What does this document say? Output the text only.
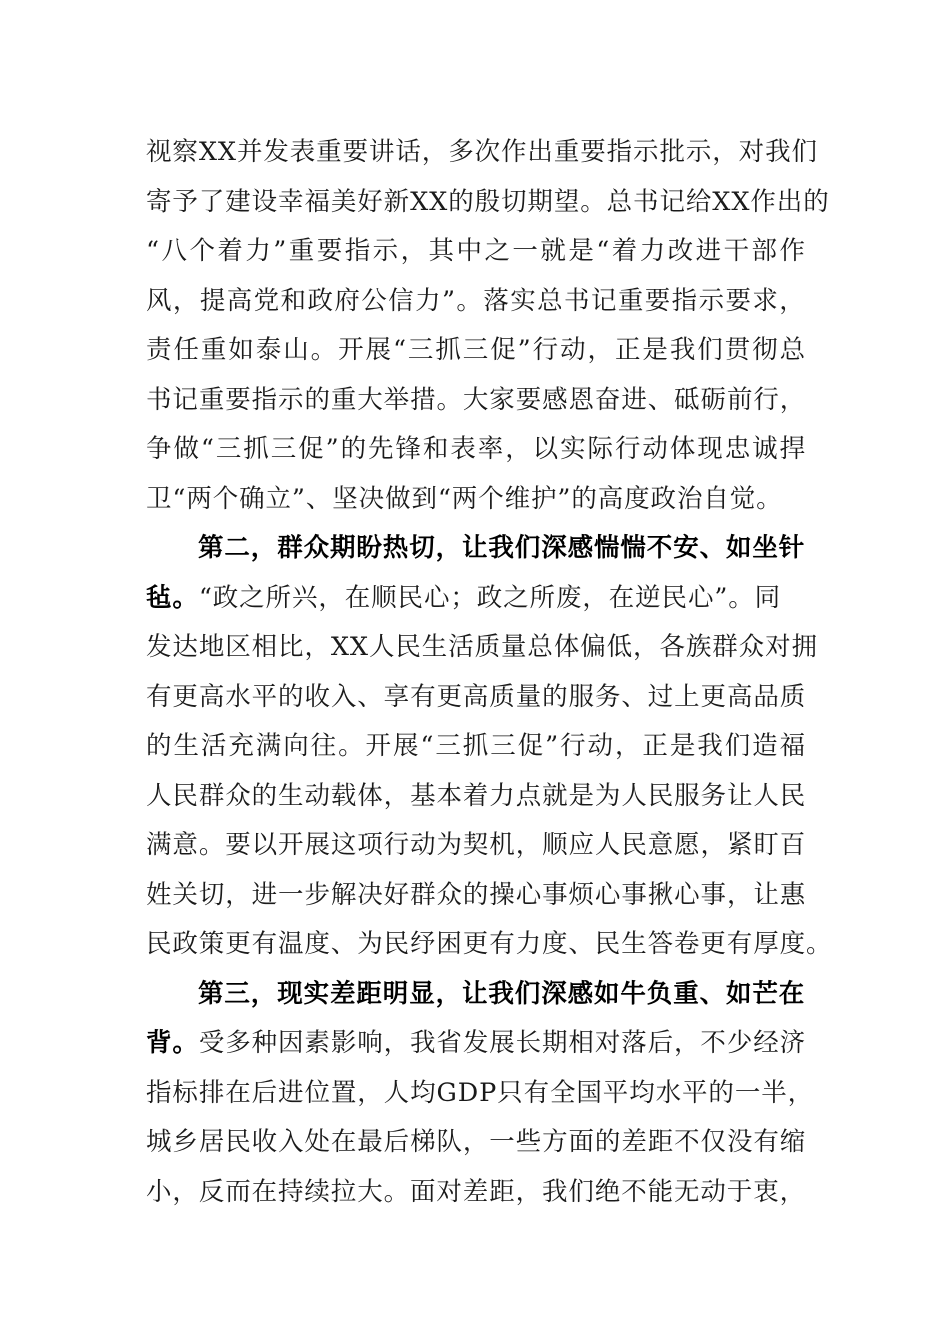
视 察 X X 并 发 表 重 要 讲 话 ， 多 次 作 出 重 要 指 示 批 示 ， 对 我 们
寄 予 了 建 设 幸 福 美 好 新 X X 的 殷 切 期 望 。 总 书 记 给 X X 作 出 的
“ 八 个 着 力 ” 重 要 指 示 ， 其 中 之 一 就 是 “ 着 力 改 进 干 部 作
风 ， 提 高 党 和 政 府 公 信 力 ” 。 落 实 总 书 记 重 要 指 示 要 求 ，
责 任 重 如 泰 山 。 开 展 “ 三 抓 三 促 ” 行 动 ， 正 是 我 们 贯 彻 总
书 记 重 要 指 示 的 重 大 举 措 。 大 家 要 感 恩 奋 进 、 砥 砺 前 行 ，
争 做 “ 三 抓 三 促 ” 的 先 锋 和 表 率 ， 以 实 际 行 动 体 现 忠 诚 捍
卫“两个确立”、坚决做到“两个维护”的高度政治自觉。
第二，群众期盼热切，让我们深感惴惴不安、如坐针
毡。“政之所兴，在顺民心；政之所废，在逆民心”。同
发 达 地 区 相 比 ， X X 人 民 生 活 质 量 总 体 偏 低 ， 各 族 群 众 对 拥
有 更 高 水 平 的 收 入 、 享 有 更 高 质 量 的 服 务 、 过 上 更 高 品 质
的 生 活 充 满 向 往 。 开 展 “ 三 抓 三 促 ” 行 动 ， 正 是 我 们 造 福
人 民 群 众 的 生 动 载 体 ， 基 本 着 力 点 就 是 为 人 民 服 务 让 人 民
满 意 。 要 以 开 展 这 项 行 动 为 契 机 ， 顺 应 人 民 意 愿 ， 紧 盯 百
姓 关 切 ， 进 一 步 解 决 好 群 众 的 操 心 事 烦 心 事 揪 心 事 ， 让 惠
民政策更有温度、为民纾困更有力度、民生答卷更有厚度。
第三，现实差距明显，让我们深感如牛负重、如芒在
背。受多种因素影响，我省发展长期相对落后，不少经济
指 标 排 在 后 进 位 置 ， 人 均 G D P 只 有 全 国 平 均 水 平 的 一 半 ，
城 乡 居 民 收 入 处 在 最 后 梯 队 ， 一 些 方 面 的 差 距 不 仅 没 有 缩
小，反而在持续拉大。面对差距，我们绝不能无动于衷，
